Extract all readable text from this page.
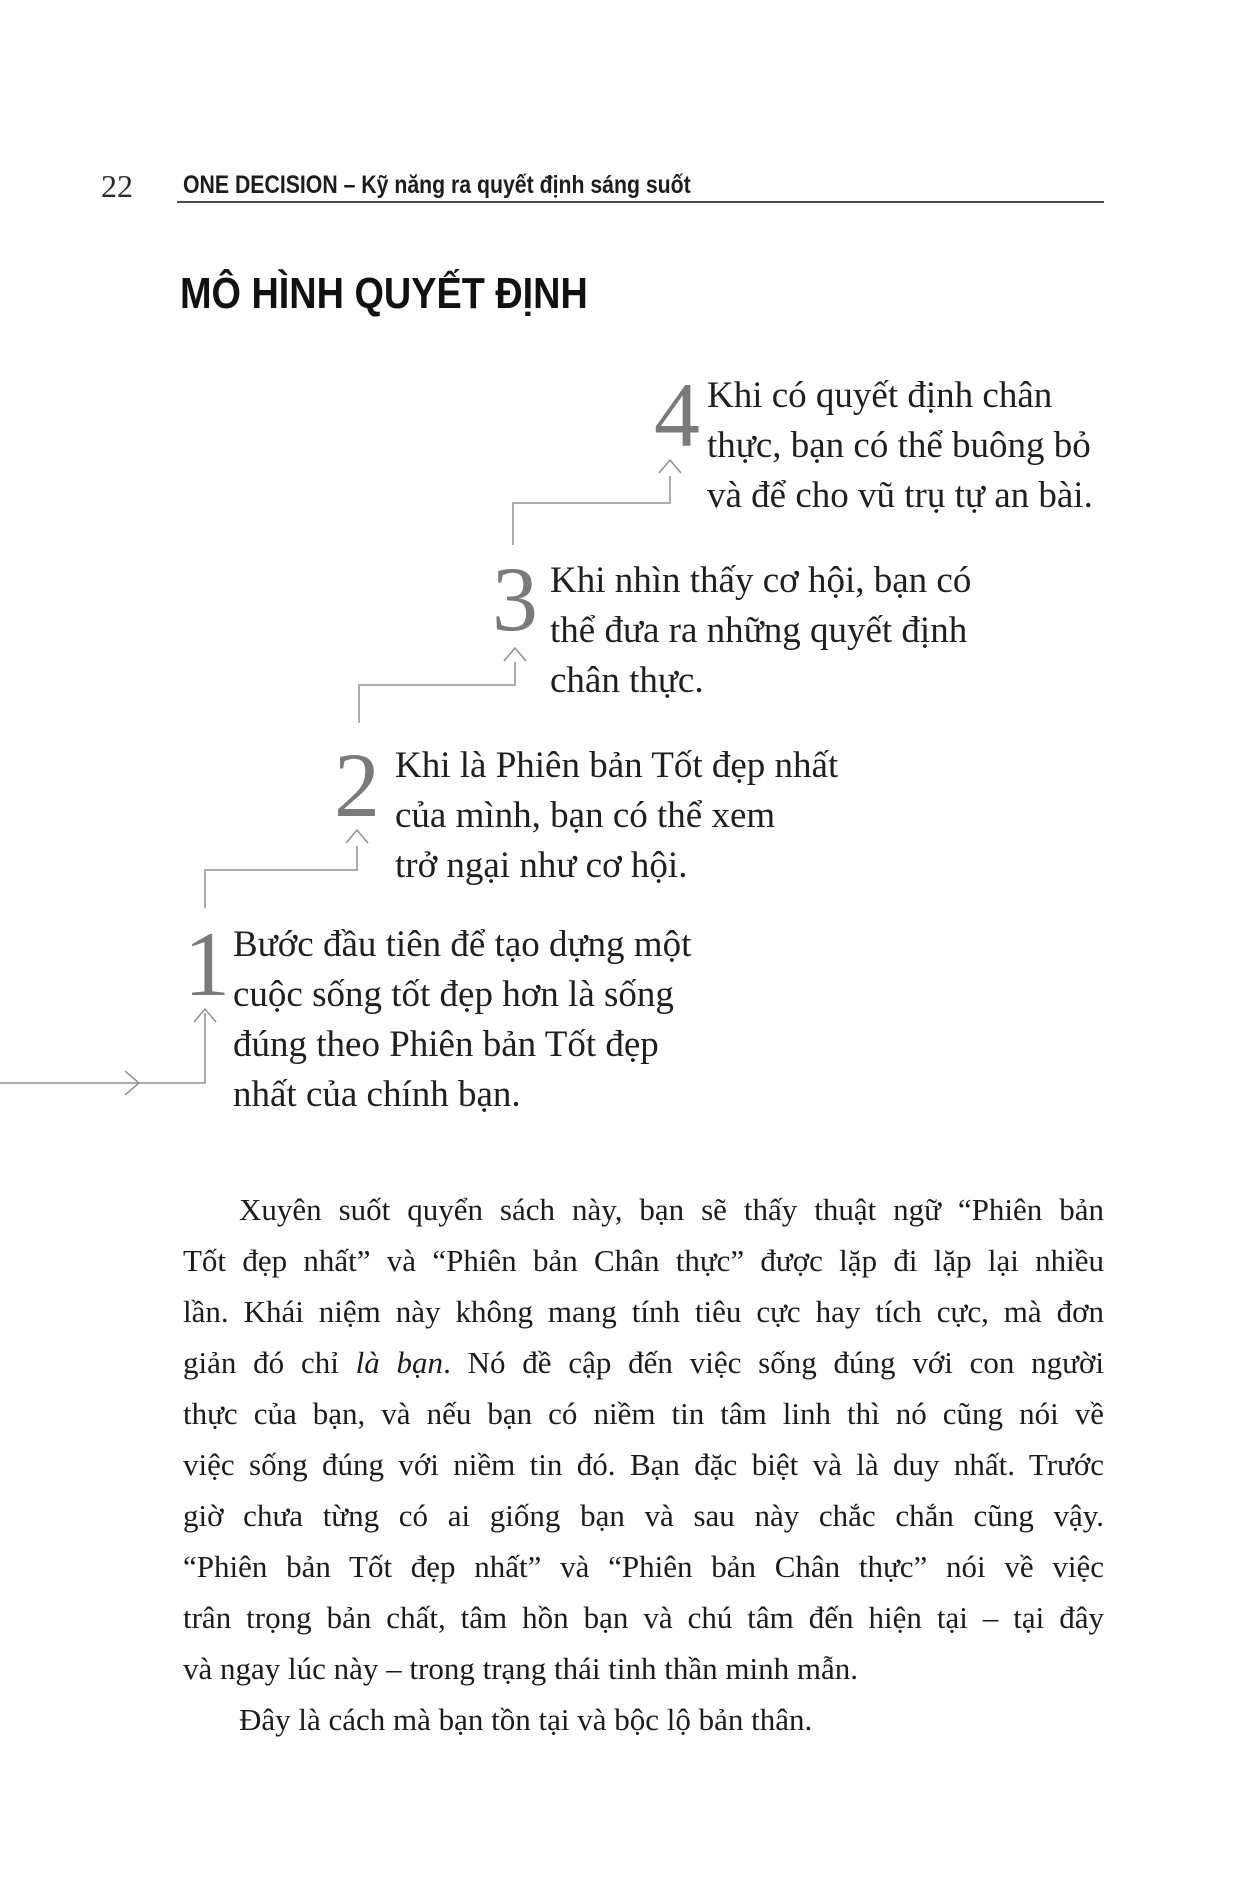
22 ONE DECISION – Kỹ năng ra quyết định sáng suốt
MÔ HÌNH QUYẾT ĐỊNH
4 Khi có quyết định chân
thực, bạn có thể buông bỏ
và để cho vũ trụ tự an bài.
3 Khi nhìn thấy cơ hội, bạn có
thể đưa ra những quyết định
chân thực.
2 Khi là Phiên bản Tốt đẹp nhất
của mình, bạn có thể xem
trở ngại như cơ hội.
1 Bước đầu tiên để tạo dựng một
cuộc sống tốt đẹp hơn là sống
đúng theo Phiên bản Tốt đẹp
nhất của chính bạn.
Xuyên suốt quyển sách này, bạn sẽ thấy thuật ngữ “Phiên bản
Tốt đẹp nhất” và “Phiên bản Chân thực” được lặp đi lặp lại nhiều
lần. Khái niệm này không mang tính tiêu cực hay tích cực, mà đơn
giản đó chỉ là bạn. Nó đề cập đến việc sống đúng với con người
thực của bạn, và nếu bạn có niềm tin tâm linh thì nó cũng nói về
việc sống đúng với niềm tin đó. Bạn đặc biệt và là duy nhất. Trước
giờ chưa từng có ai giống bạn và sau này chắc chắn cũng vậy.
“Phiên bản Tốt đẹp nhất” và “Phiên bản Chân thực” nói về việc
trân trọng bản chất, tâm hồn bạn và chú tâm đến hiện tại – tại đây
và ngay lúc này – trong trạng thái tinh thần minh mẫn.
Đây là cách mà bạn tồn tại và bộc lộ bản thân.
